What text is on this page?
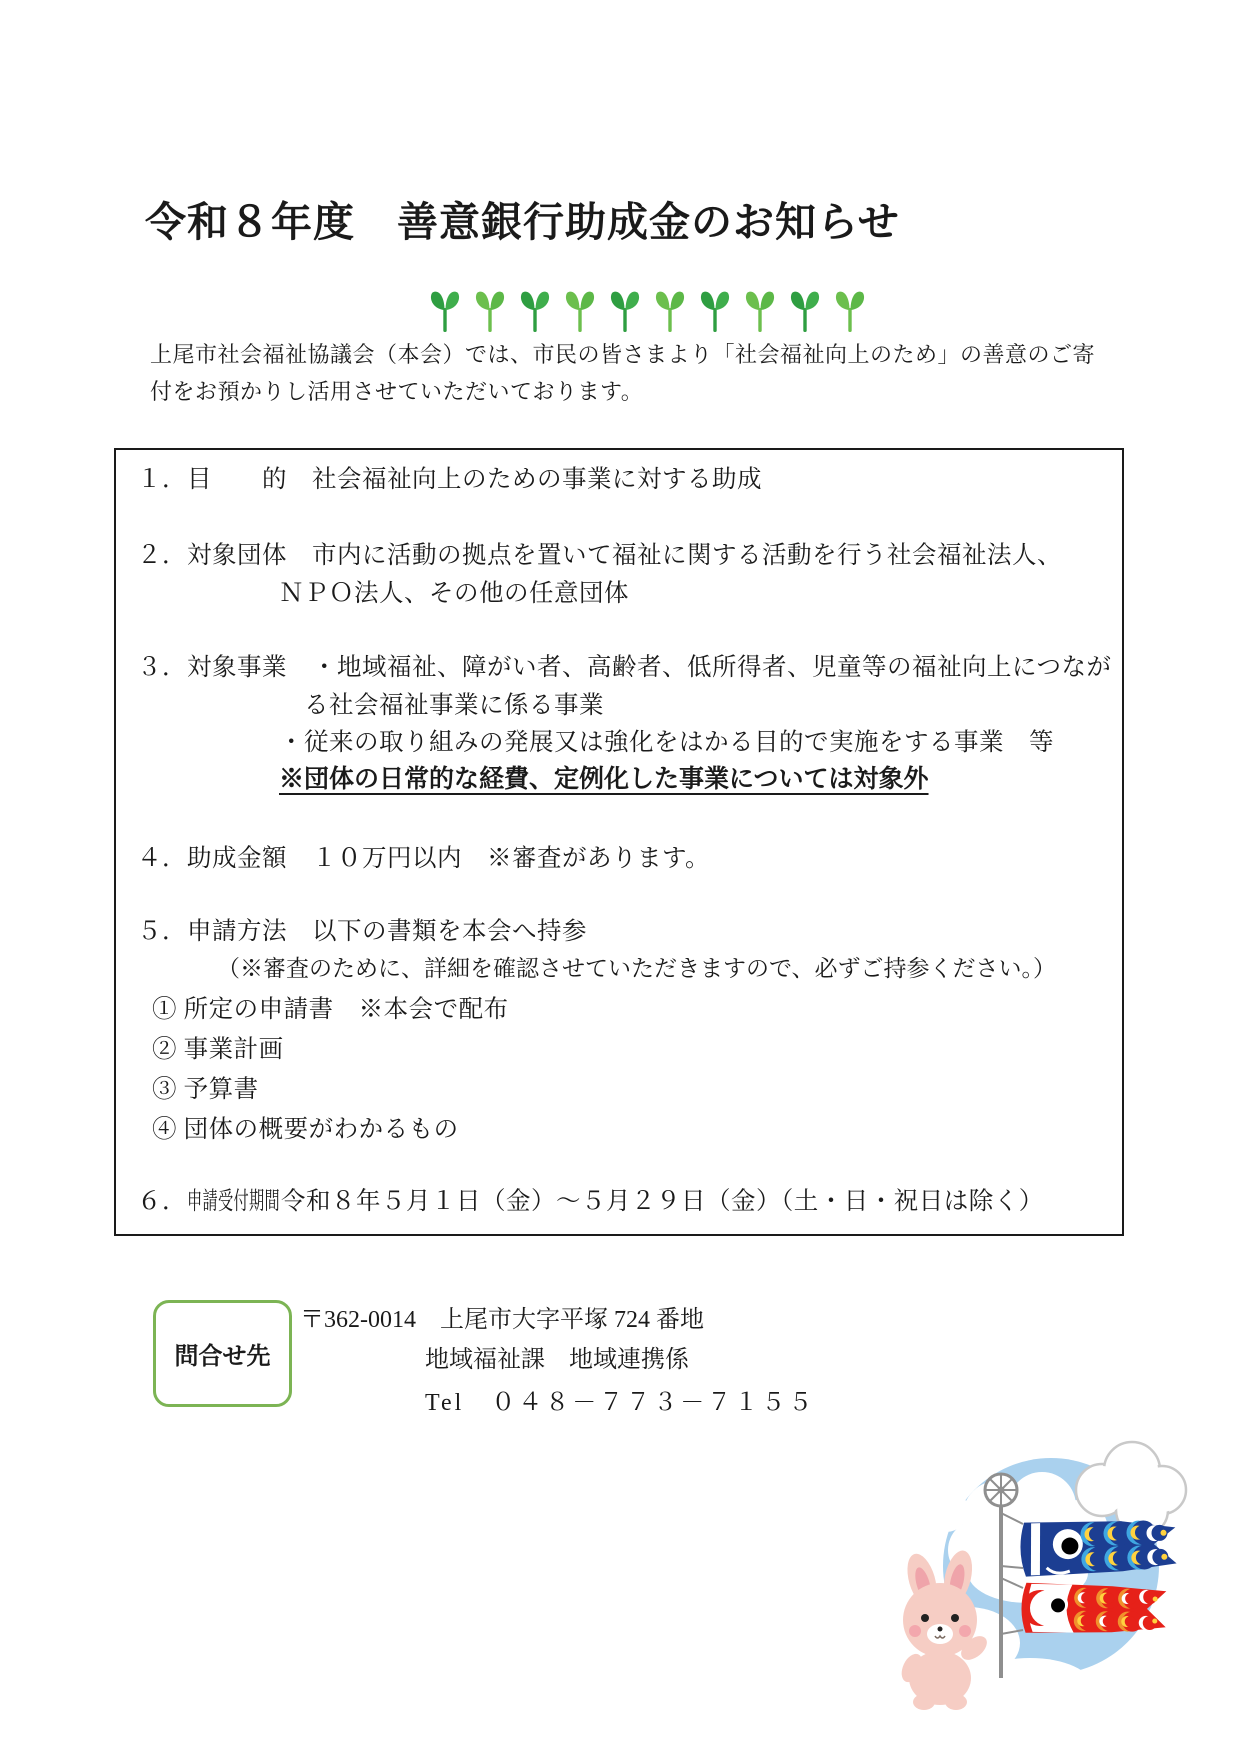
令和８年度　善意銀行助成金のお知らせ

上尾市社会福祉協議会（本会）では、市民の皆さまより「社会福祉向上のため」の善意のご寄

付をお預かりし活用させていただいております。

１．目　　的　社会福祉向上のための事業に対する助成

２．対象団体　市内に活動の拠点を置いて福祉に関する活動を行う社会福祉法人、

ＮＰＯ法人、その他の任意団体

３．対象事業　・地域福祉、障がい者、高齢者、低所得者、児童等の福祉向上につなが

る社会福祉事業に係る事業

・従来の取り組みの発展又は強化をはかる目的で実施をする事業　等

※団体の日常的な経費、定例化した事業については対象外

４．助成金額　１０万円以内　※審査があります。

５．申請方法　以下の書類を本会へ持参

（※審査のために、詳細を確認させていただきますので、必ずご持参ください。）

① 所定の申請書　※本会で配布

② 事業計画

③ 予算書

④ 団体の概要がわかるもの

６． 申請受付期間 令和８年５月１日（金）～５月２９日（金）（土・日・祝日は除く）

問合せ先

〒362-0014　上尾市大字平塚 724 番地

地域福祉課　地域連携係

Tel　０４８－７７３－７１５５
